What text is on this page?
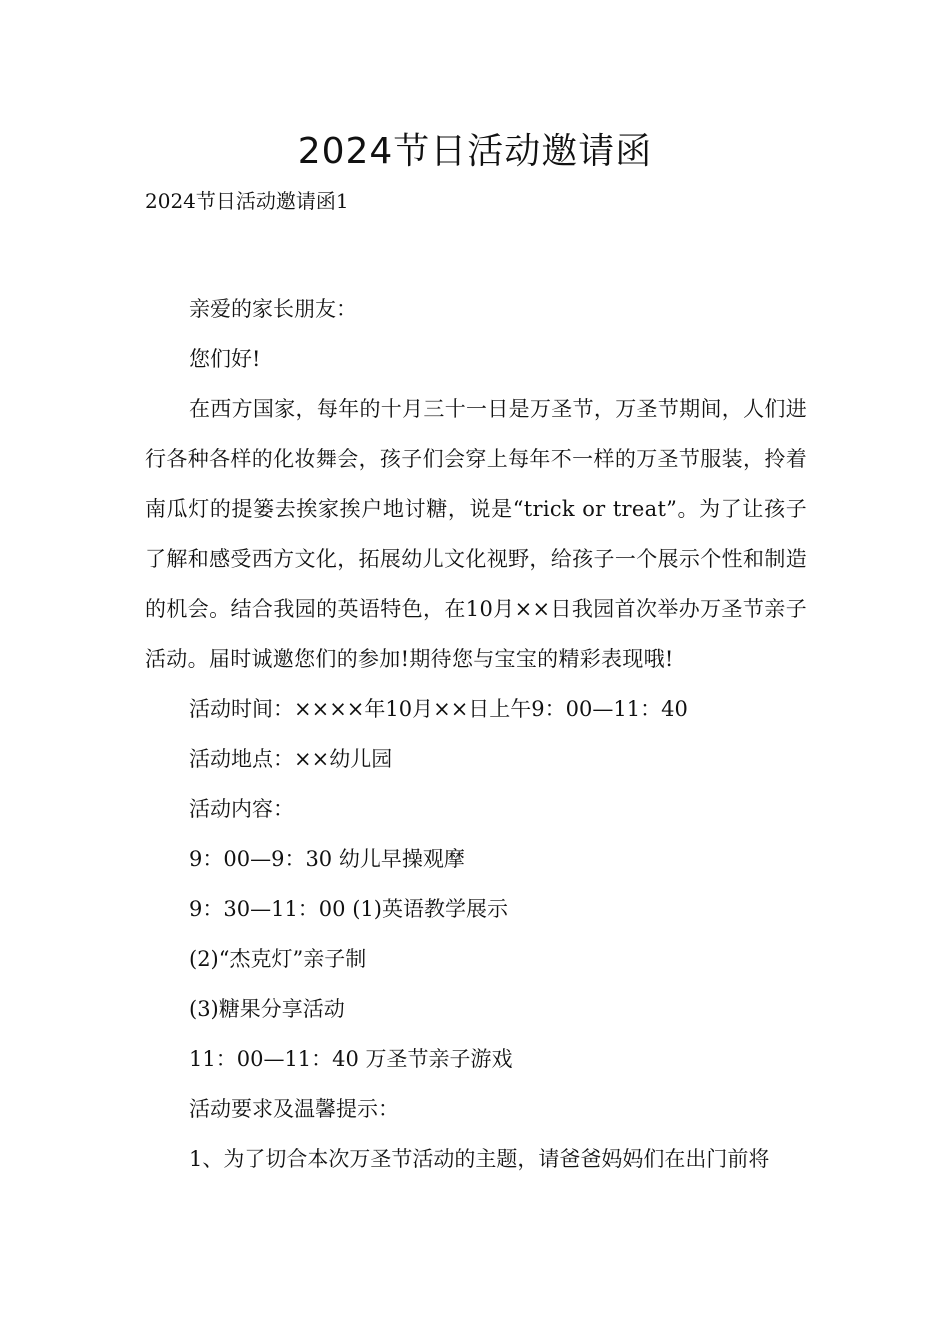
2024节日活动邀请函

2024节日活动邀请函1

亲爱的家长朋友：

您们好!

在西方国家，每年的十月三十一日是万圣节，万圣节期间，人们进行各种各样的化妆舞会，孩子们会穿上每年不一样的万圣节服装，拎着南瓜灯的提篓去挨家挨户地讨糖，说是“trick or treat”。为了让孩子了解和感受西方文化，拓展幼儿文化视野，给孩子一个展示个性和制造的机会。结合我园的英语特色，在10月××日我园首次举办万圣节亲子活动。届时诚邀您们的参加!期待您与宝宝的精彩表现哦!

活动时间：××××年10月××日上午9：00—11：40

活动地点：××幼儿园

活动内容：

9：00—9：30 幼儿早操观摩

9：30—11：00 (1)英语教学展示

(2)“杰克灯”亲子制

(3)糖果分享活动

11：00—11：40 万圣节亲子游戏

活动要求及温馨提示：

1、为了切合本次万圣节活动的主题，请爸爸妈妈们在出门前将
